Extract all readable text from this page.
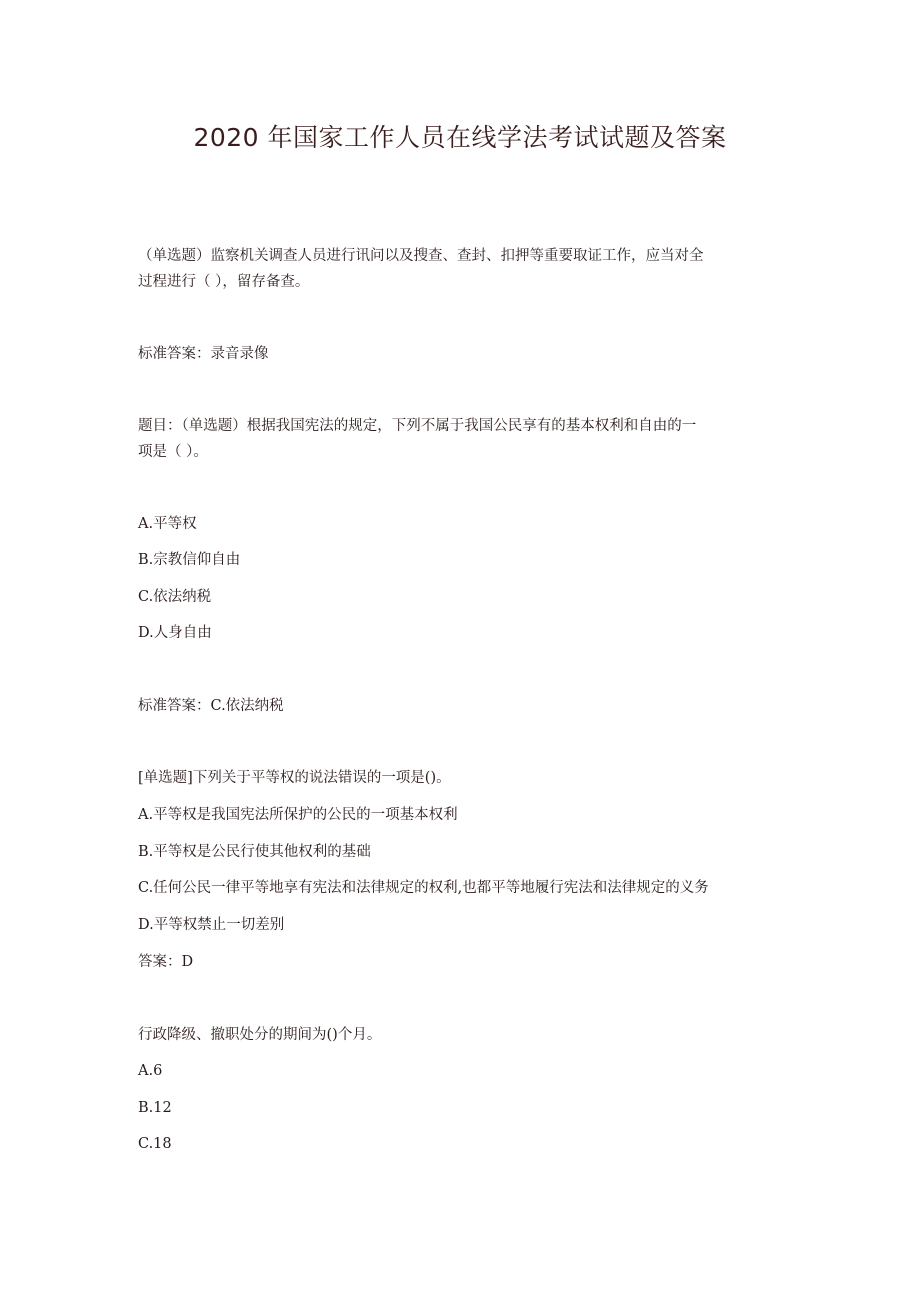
2020 年国家工作人员在线学法考试试题及答案
（单选题）监察机关调查人员进行讯问以及搜查、查封、扣押等重要取证工作，应当对全
过程进行（ ），留存备查。
标准答案：录音录像
题目：（单选题）根据我国宪法的规定，下列不属于我国公民享有的基本权利和自由的一
项是（ ）。
A.平等权
B.宗教信仰自由
C.依法纳税
D.人身自由
标准答案：C.依法纳税
[单选题]下列关于平等权的说法错误的一项是()。
A.平等权是我国宪法所保护的公民的一项基本权利
B.平等权是公民行使其他权利的基础
C.任何公民一律平等地享有宪法和法律规定的权利,也都平等地履行宪法和法律规定的义务
D.平等权禁止一切差别
答案：D
行政降级、撤职处分的期间为()个月。
A.6
B.12
C.18
